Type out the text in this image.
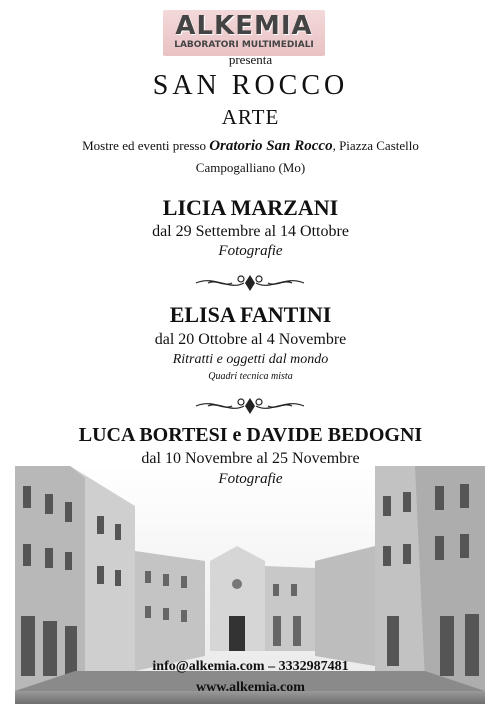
ALKEMIA
LABORATORI MULTIMEDIALI
presenta
SAN ROCCO
ARTE
Mostre ed eventi presso Oratorio San Rocco, Piazza Castello
Campogalliano (Mo)
LICIA MARZANI
dal 29 Settembre al 14 Ottobre
Fotografie
ELISA FANTINI
dal 20 Ottobre al 4 Novembre
Ritratti e oggetti dal mondo
Quadri tecnica mista
LUCA BORTESI e DAVIDE BEDOGNI
dal 10 Novembre al 25 Novembre
Fotografie
info@alkemia.com – 3332987481
www.alkemia.com
